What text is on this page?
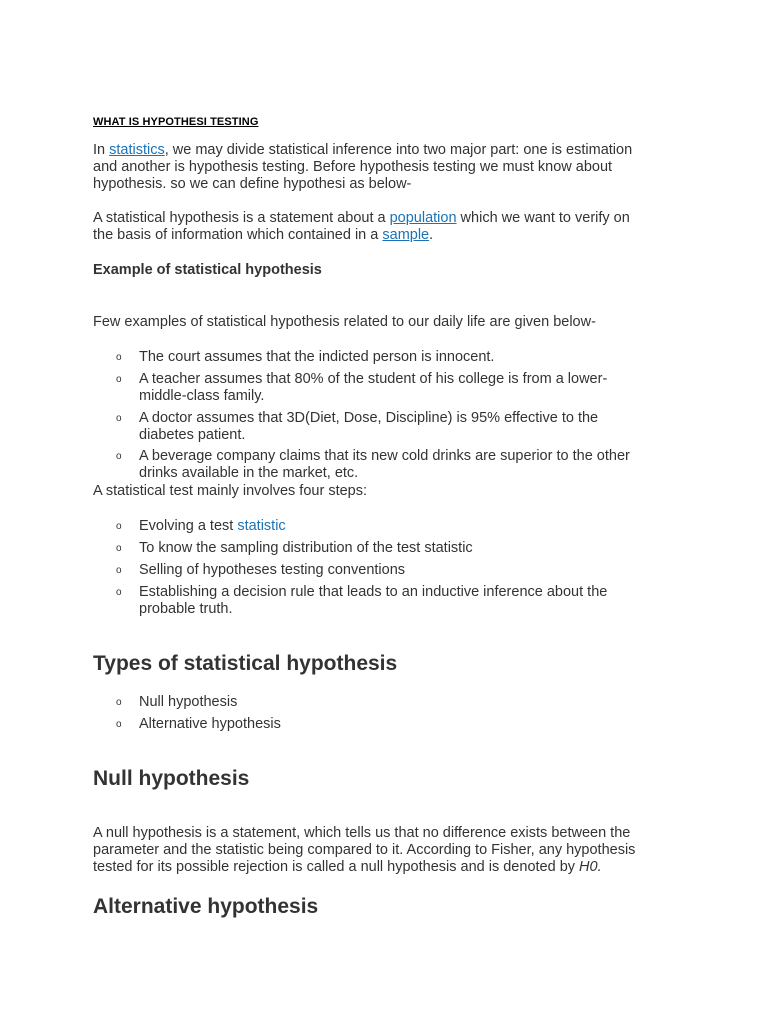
WHAT IS HYPOTHESI TESTING
In statistics, we may divide statistical inference into two major part: one is estimation
and another is hypothesis testing. Before hypothesis testing we must know about
hypothesis. so we can define hypothesi as below-
A statistical hypothesis is a statement about a population which we want to verify on
the basis of information which contained in a sample.
Example of statistical hypothesis
Few examples of statistical hypothesis related to our daily life are given below-
o The court assumes that the indicted person is innocent.
o A teacher assumes that 80% of the student of his college is from a lower-
middle-class family.
o A doctor assumes that 3D(Diet, Dose, Discipline) is 95% effective to the
diabetes patient.
o A beverage company claims that its new cold drinks are superior to the other
drinks available in the market, etc.
A statistical test mainly involves four steps:
o Evolving a test statistic
o To know the sampling distribution of the test statistic
o Selling of hypotheses testing conventions
o Establishing a decision rule that leads to an inductive inference about the
probable truth.
Types of statistical hypothesis
o Null hypothesis
o Alternative hypothesis
Null hypothesis
A null hypothesis is a statement, which tells us that no difference exists between the
parameter and the statistic being compared to it. According to Fisher, any hypothesis
tested for its possible rejection is called a null hypothesis and is denoted by H0.
Alternative hypothesis
